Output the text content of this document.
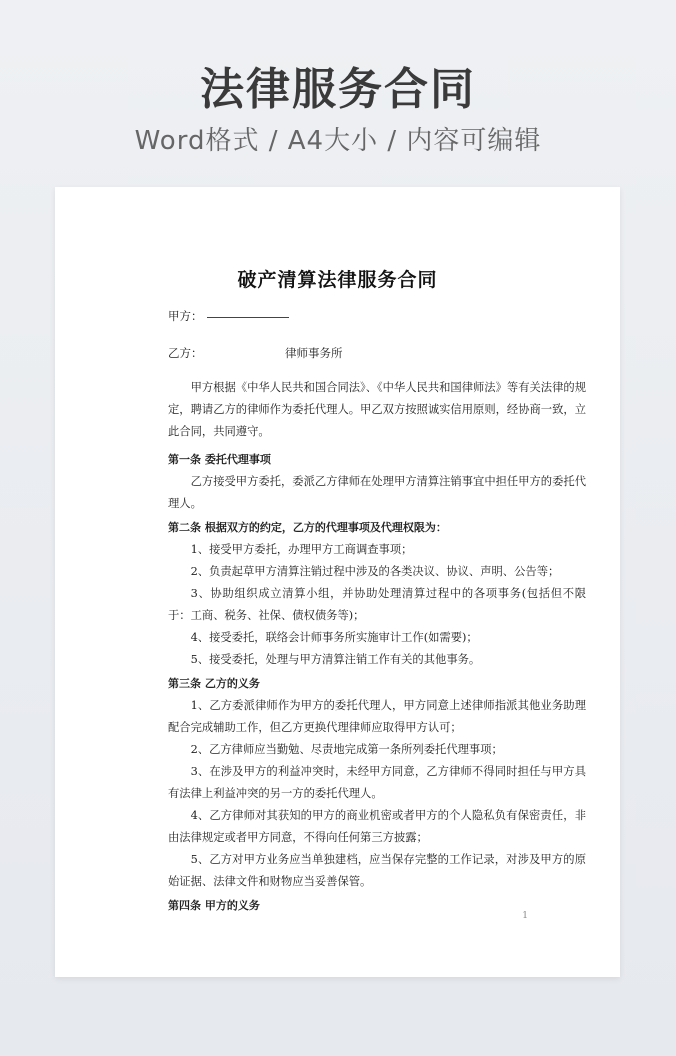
法律服务合同
Word格式 / A4大小 / 内容可编辑
破产清算法律服务合同
甲方：
乙方：	律师事务所

甲方根据《中华人民共和国合同法》、《中华人民共和国律师法》等有关法律的规定，聘请乙方的律师作为委托代理人。甲乙双方按照诚实信用原则，经协商一致，立此合同，共同遵守。

第一条 委托代理事项

乙方接受甲方委托，委派乙方律师在处理甲方清算注销事宜中担任甲方的委托代理人。

第二条 根据双方的约定，乙方的代理事项及代理权限为：

1、接受甲方委托，办理甲方工商调查事项；

2、负责起草甲方清算注销过程中涉及的各类决议、协议、声明、公告等；

3、协助组织成立清算小组，并协助处理清算过程中的各项事务(包括但不限于：工商、税务、社保、债权债务等)；

4、接受委托，联络会计师事务所实施审计工作(如需要)；

5、接受委托，处理与甲方清算注销工作有关的其他事务。

第三条 乙方的义务

1、乙方委派律师作为甲方的委托代理人，甲方同意上述律师指派其他业务助理配合完成辅助工作，但乙方更换代理律师应取得甲方认可；

2、乙方律师应当勤勉、尽责地完成第一条所列委托代理事项；

3、在涉及甲方的利益冲突时，未经甲方同意，乙方律师不得同时担任与甲方具有法律上利益冲突的另一方的委托代理人。

4、乙方律师对其获知的甲方的商业机密或者甲方的个人隐私负有保密责任，非由法律规定或者甲方同意，不得向任何第三方披露；

5、乙方对甲方业务应当单独建档，应当保存完整的工作记录，对涉及甲方的原始证据、法律文件和财物应当妥善保管。

第四条 甲方的义务

1
